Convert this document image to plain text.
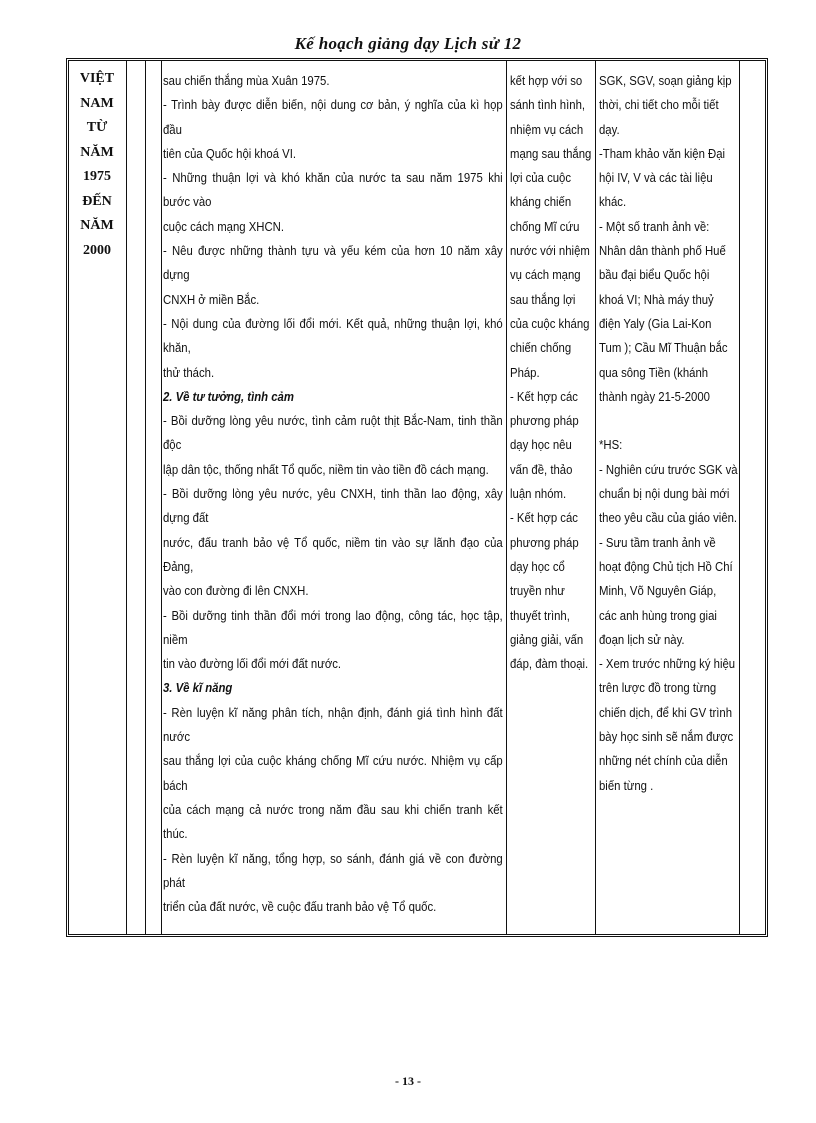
Kế hoạch giảng dạy Lịch sử 12
VIỆT
NAM
TỪ NĂM
1975
ĐẾN
NĂM
2000
sau chiến thắng mùa Xuân 1975.
- Trình bày được diễn biến, nội dung cơ bản, ý nghĩa của kì họp đầu
tiên của Quốc hội khoá VI.
- Những thuận lợi và khó khăn của nước ta sau năm 1975 khi bước vào
cuộc cách mạng XHCN.
- Nêu được những thành tựu và yếu kém của hơn 10 năm xây dựng
CNXH ở miền Bắc.
- Nội dung của đường lối đổi mới. Kết quả, những thuận lợi, khó khăn,
thử thách.
2. Về tư tưởng, tình cảm
- Bồi dưỡng lòng yêu nước, tình cảm ruột thịt Bắc-Nam, tinh thần độc
lập dân tộc, thống nhất Tổ quốc, niềm tin vào tiền đồ cách mạng.
- Bồi dưỡng lòng yêu nước, yêu CNXH, tinh thần lao động, xây dựng đất
nước, đấu tranh bảo vệ Tổ quốc, niềm tin vào sự lãnh đạo của Đảng,
vào con đường đi lên CNXH.
- Bồi dưỡng tinh thần đổi mới trong lao động, công tác, học tập, niềm
tin vào đường lối đổi mới đất nước.
3. Về kĩ năng
- Rèn luyện kĩ năng phân tích, nhận định, đánh giá tình hình đất nước
sau thắng lợi của cuộc kháng chống Mĩ cứu nước. Nhiệm vụ cấp bách
của cách mạng cả nước trong năm đầu sau khi chiến tranh kết thúc.
- Rèn luyện kĩ năng, tổng hợp, so sánh, đánh giá về con đường phát
triển của đất nước, về cuộc đấu tranh bảo vệ Tổ quốc.
kết hợp với so
sánh tình hình,
nhiệm vụ cách
mạng sau thắng
lợi của cuộc
kháng chiến
chống Mĩ cứu
nước với nhiệm
vụ cách mạng
sau thắng lợi
của cuộc kháng
chiến chống
Pháp.
- Kết hợp các
phương pháp
dạy học nêu
vấn đề, thảo
luận nhóm.
- Kết hợp các
phương pháp
dạy học cổ
truyền như
thuyết trình,
giảng giải, vấn
đáp, đàm thoại.
SGK, SGV, soạn giảng kịp
thời, chi tiết cho mỗi tiết
dạy.
-Tham khảo văn kiện Đại
hội IV, V và các tài liệu
khác.
- Một số tranh ảnh về:
Nhân dân thành phố Huế
bầu đại biểu Quốc hội
khoá VI; Nhà máy thuỷ
điện Yaly (Gia Lai-Kon
Tum ); Cầu Mĩ Thuận bắc
qua sông Tiền (khánh
thành ngày 21-5-2000
*HS:
- Nghiên cứu trước SGK và
chuẩn bị nội dung bài mới
theo yêu cầu của giáo viên.
- Sưu tầm tranh ảnh về
hoạt động Chủ tịch Hồ Chí
Minh, Võ Nguyên Giáp,
các anh hùng trong giai
đoạn lịch sử này.
- Xem trước những ký hiệu
trên lược đồ trong từng
chiến dịch, để khi GV trình
bày học sinh sẽ nắm được
những nét chính của diễn
biến từng .
- 13 -
